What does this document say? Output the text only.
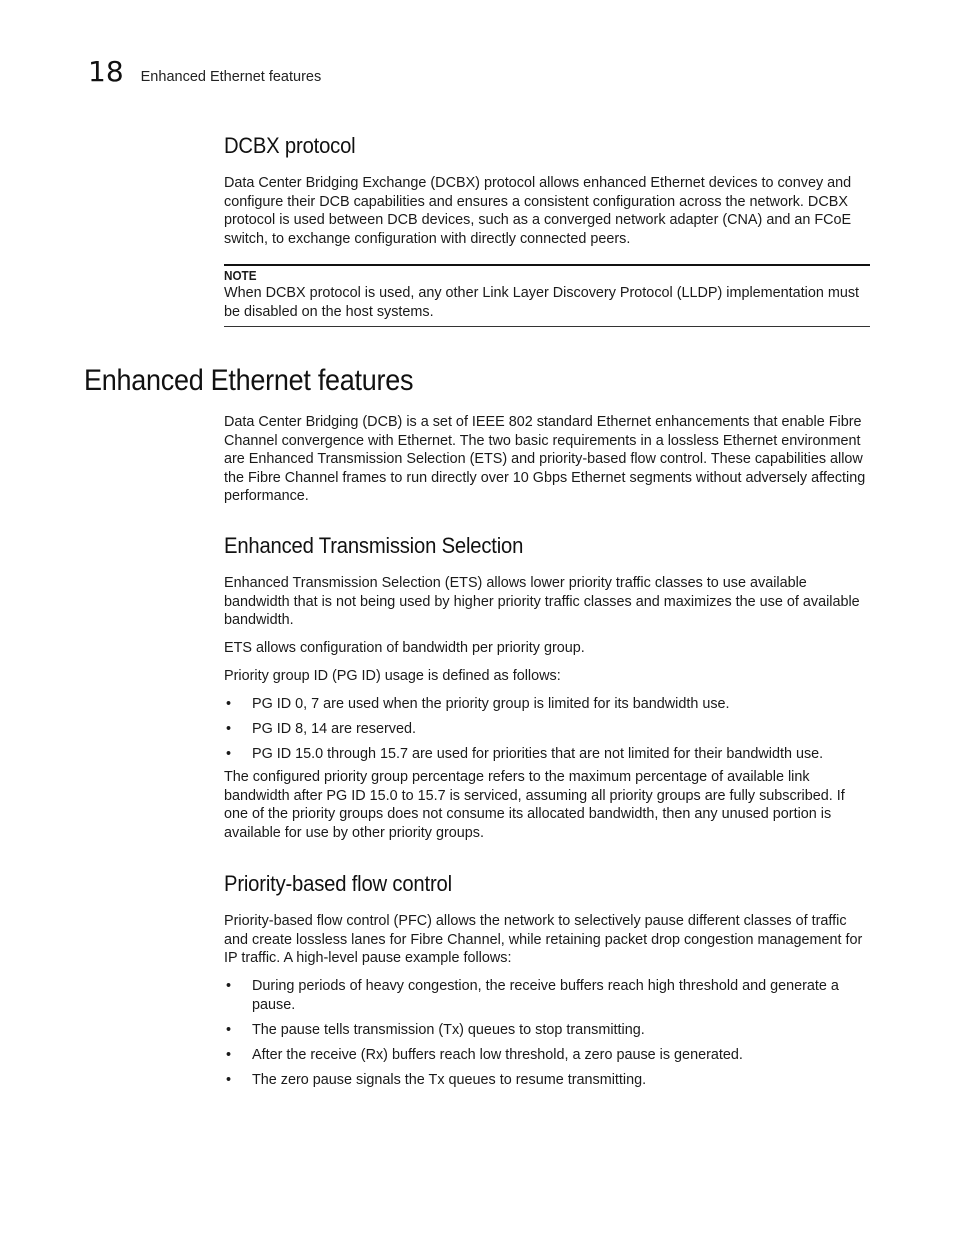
18 Enhanced Ethernet features
DCBX protocol

Data Center Bridging Exchange (DCBX) protocol allows enhanced Ethernet devices to convey and configure their DCB capabilities and ensures a consistent configuration across the network. DCBX protocol is used between DCB devices, such as a converged network adapter (CNA) and an FCoE switch, to exchange configuration with directly connected peers.

NOTE

When DCBX protocol is used, any other Link Layer Discovery Protocol (LLDP) implementation must be disabled on the host systems.

Enhanced Ethernet features

Data Center Bridging (DCB) is a set of IEEE 802 standard Ethernet enhancements that enable Fibre Channel convergence with Ethernet. The two basic requirements in a lossless Ethernet environment are Enhanced Transmission Selection (ETS) and priority-based flow control. These capabilities allow the Fibre Channel frames to run directly over 10 Gbps Ethernet segments without adversely affecting performance.

Enhanced Transmission Selection

Enhanced Transmission Selection (ETS) allows lower priority traffic classes to use available bandwidth that is not being used by higher priority traffic classes and maximizes the use of available bandwidth.

ETS allows configuration of bandwidth per priority group.

Priority group ID (PG ID) usage is defined as follows:

• PG ID 0, 7 are used when the priority group is limited for its bandwidth use.
• PG ID 8, 14 are reserved.
• PG ID 15.0 through 15.7 are used for priorities that are not limited for their bandwidth use.

The configured priority group percentage refers to the maximum percentage of available link bandwidth after PG ID 15.0 to 15.7 is serviced, assuming all priority groups are fully subscribed. If one of the priority groups does not consume its allocated bandwidth, then any unused portion is available for use by other priority groups.

Priority-based flow control

Priority-based flow control (PFC) allows the network to selectively pause different classes of traffic and create lossless lanes for Fibre Channel, while retaining packet drop congestion management for IP traffic. A high-level pause example follows:

• During periods of heavy congestion, the receive buffers reach high threshold and generate a pause.
• The pause tells transmission (Tx) queues to stop transmitting.
• After the receive (Rx) buffers reach low threshold, a zero pause is generated.
• The zero pause signals the Tx queues to resume transmitting.
